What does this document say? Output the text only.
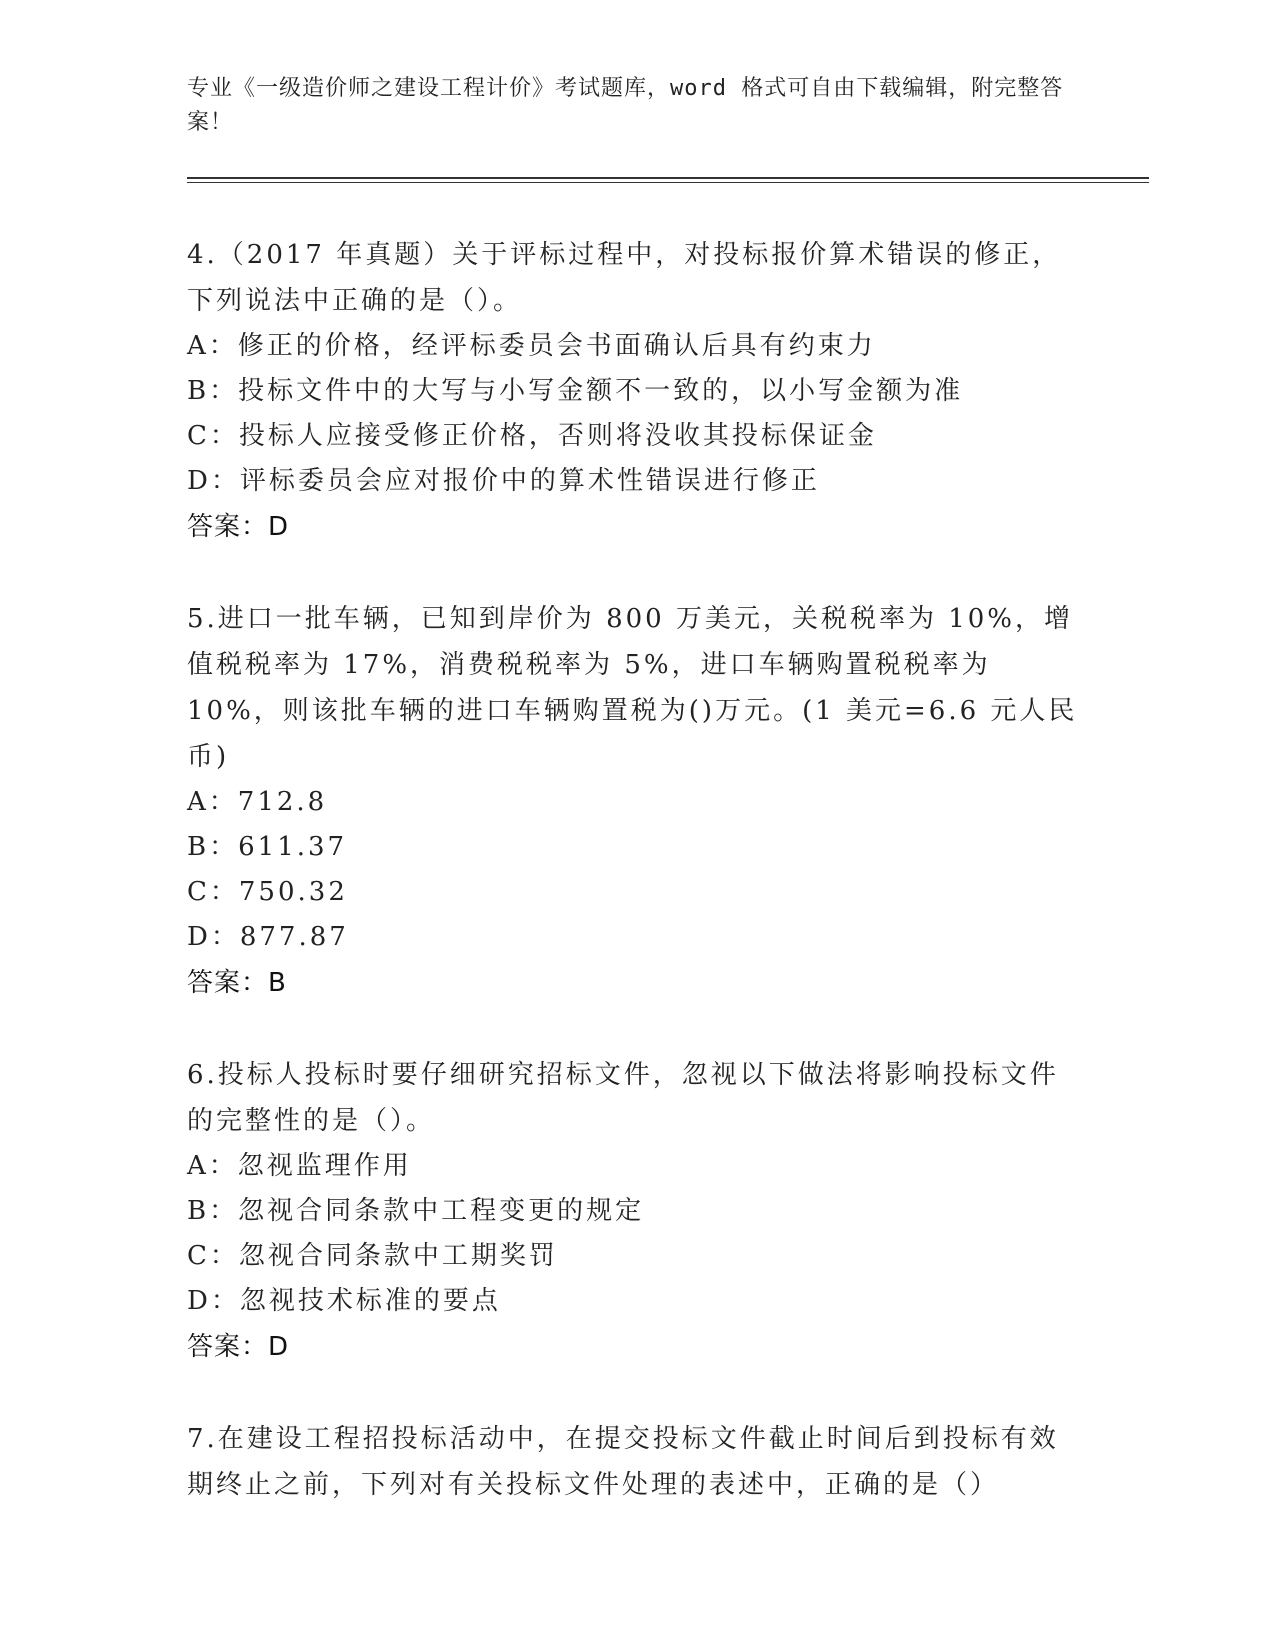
专业《一级造价师之建设工程计价》考试题库，word 格式可自由下载编辑，附完整答案！

4.（2017 年真题）关于评标过程中，对投标报价算术错误的修正，下列说法中正确的是（）。

A：修正的价格，经评标委员会书面确认后具有约束力

B：投标文件中的大写与小写金额不一致的，以小写金额为准

C：投标人应接受修正价格，否则将没收其投标保证金

D：评标委员会应对报价中的算术性错误进行修正

答案：D

5.进口一批车辆，已知到岸价为 800 万美元，关税税率为 10%，增值税税率为 17%，消费税税率为 5%，进口车辆购置税税率为 10%，则该批车辆的进口车辆购置税为()万元。(1 美元=6.6 元人民币)

A：712.8

B：611.37

C：750.32

D：877.87

答案：B

6.投标人投标时要仔细研究招标文件，忽视以下做法将影响投标文件的完整性的是（）。

A：忽视监理作用

B：忽视合同条款中工程变更的规定

C：忽视合同条款中工期奖罚

D：忽视技术标准的要点

答案：D

7.在建设工程招投标活动中，在提交投标文件截止时间后到投标有效期终止之前，下列对有关投标文件处理的表述中，正确的是（）
